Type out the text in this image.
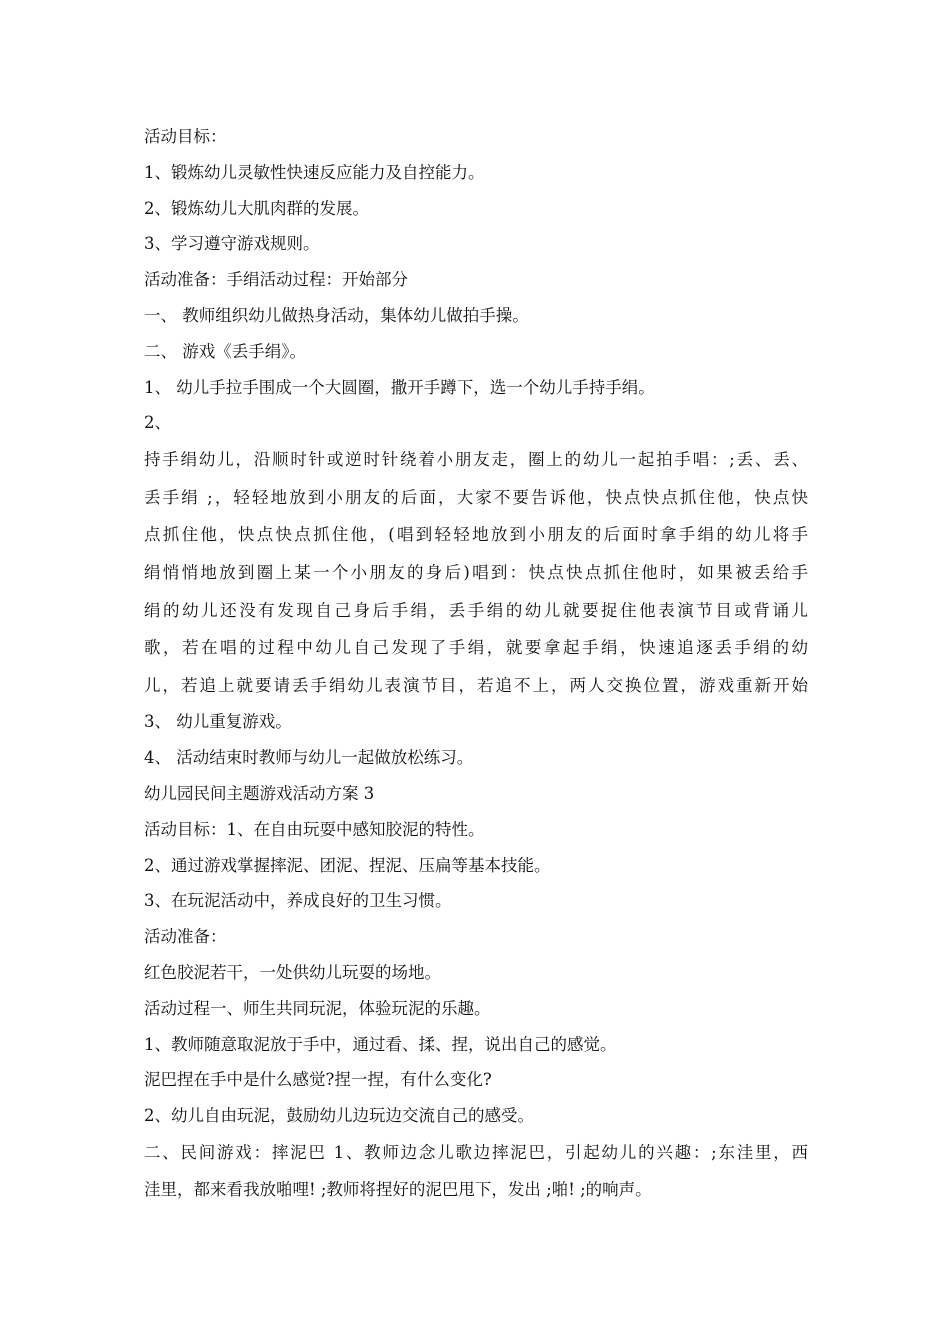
活动目标：
1、锻炼幼儿灵敏性快速反应能力及自控能力。
2、锻炼幼儿大肌肉群的发展。
3、学习遵守游戏规则。
活动准备：手绢活动过程：开始部分
一、 教师组织幼儿做热身活动，集体幼儿做拍手操。
二、 游戏《丢手绢》。
1、 幼儿手拉手围成一个大圆圈，撒开手蹲下，选一个幼儿手持手绢。
2、
持手绢幼儿，沿顺时针或逆时针绕着小朋友走，圈上的幼儿一起拍手唱：;丢、丢、
丢手绢 ;，轻轻地放到小朋友的后面，大家不要告诉他，快点快点抓住他，快点快
点抓住他，快点快点抓住他，(唱到轻轻地放到小朋友的后面时拿手绢的幼儿将手
绢悄悄地放到圈上某一个小朋友的身后)唱到：快点快点抓住他时，如果被丢给手
绢的幼儿还没有发现自己身后手绢，丢手绢的幼儿就要捉住他表演节目或背诵儿
歌，若在唱的过程中幼儿自己发现了手绢，就要拿起手绢，快速追逐丢手绢的幼
儿，若追上就要请丢手绢幼儿表演节目，若追不上，两人交换位置，游戏重新开始
3、 幼儿重复游戏。
4、 活动结束时教师与幼儿一起做放松练习。
幼儿园民间主题游戏活动方案 3
活动目标：1、在自由玩耍中感知胶泥的特性。
2、通过游戏掌握摔泥、团泥、捏泥、压扁等基本技能。
3、在玩泥活动中，养成良好的卫生习惯。
活动准备：
红色胶泥若干，一处供幼儿玩耍的场地。
活动过程一、师生共同玩泥，体验玩泥的乐趣。
1、教师随意取泥放于手中，通过看、揉、捏，说出自己的感觉。
泥巴捏在手中是什么感觉?捏一捏，有什么变化?
2、幼儿自由玩泥，鼓励幼儿边玩边交流自己的感受。
二、民间游戏：摔泥巴 1、教师边念儿歌边摔泥巴，引起幼儿的兴趣：;东洼里，西
洼里，都来看我放啪哩! ;教师将捏好的泥巴甩下，发出 ;啪! ;的响声。
